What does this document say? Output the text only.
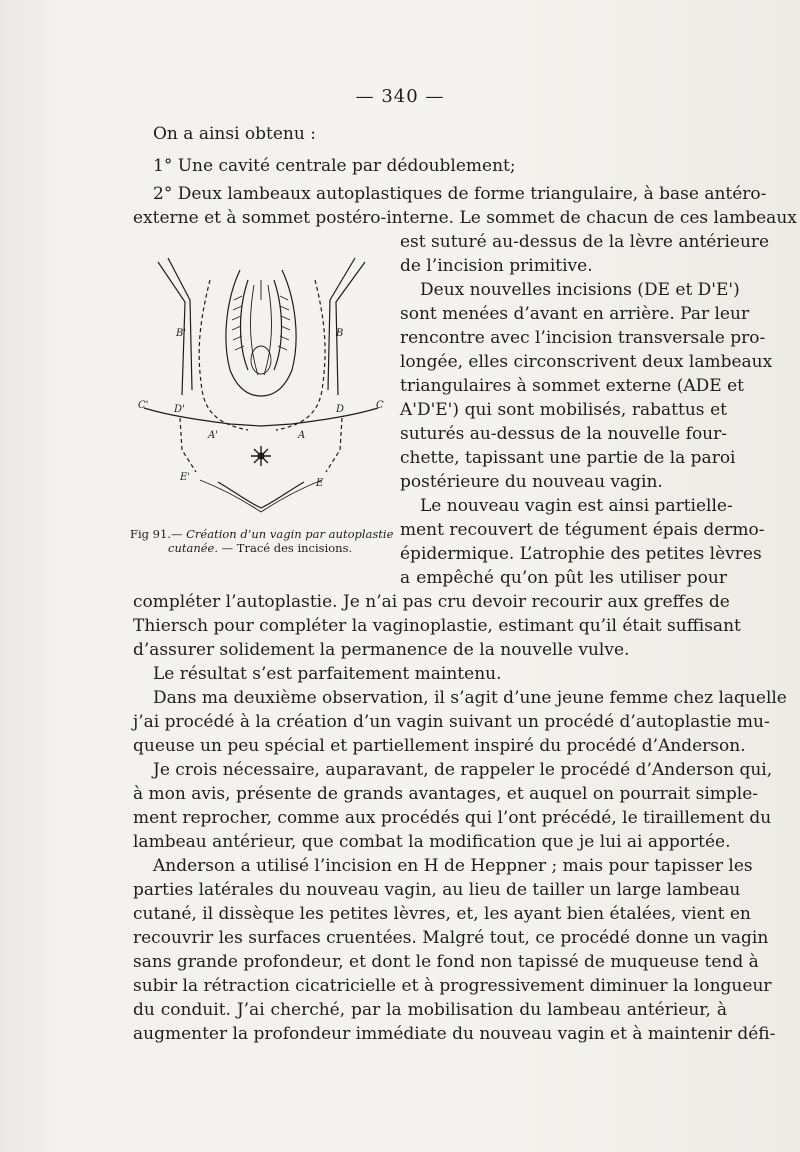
— 340 —
On a ainsi obtenu :
1° Une cavité centrale par dédoublement;
2° Deux lambeaux autoplastiques de forme triangulaire, à base antéro-
externe et à sommet postéro-interne. Le sommet de chacun de ces lambeaux
est suturé au-dessus de la lèvre antérieure
de l’incision primitive.
Deux nouvelles incisions (DE et D'E')
sont menées d’avant en arrière. Par leur
rencontre avec l’incision transversale pro-
longée, elles circonscrivent deux lambeaux
triangulaires à sommet externe (ADE et
A'D'E') qui sont mobilisés, rabattus et
suturés au-dessus de la nouvelle four-
chette, tapissant une partie de la paroi
postérieure du nouveau vagin.
Le nouveau vagin est ainsi partielle-
ment recouvert de tégument épais dermo-
épidermique. L’atrophie des petites lèvres
a empêché qu’on pût les utiliser pour
compléter l’autoplastie. Je n’ai pas cru devoir recourir aux greffes de
Thiersch pour compléter la vaginoplastie, estimant qu’il était suffisant
d’assurer solidement la permanence de la nouvelle vulve.
Le résultat s’est parfaitement maintenu.
Dans ma deuxième observation, il s’agit d’une jeune femme chez laquelle
j’ai procédé à la création d’un vagin suivant un procédé d’autoplastie mu-
queuse un peu spécial et partiellement inspiré du procédé d’Anderson.
Je crois nécessaire, auparavant, de rappeler le procédé d’Anderson qui,
à mon avis, présente de grands avantages, et auquel on pourrait simple-
ment reprocher, comme aux procédés qui l’ont précédé, le tiraillement du
lambeau antérieur, que combat la modification que je lui ai apportée.
Anderson a utilisé l’incision en H de Heppner ; mais pour tapisser les
parties latérales du nouveau vagin, au lieu de tailler un large lambeau
cutané, il dissèque les petites lèvres, et, les ayant bien étalées, vient en
recouvrir les surfaces cruentées. Malgré tout, ce procédé donne un vagin
sans grande profondeur, et dont le fond non tapissé de muqueuse tend à
subir la rétraction cicatricielle et à progressivement diminuer la longueur
du conduit. J’ai cherché, par la mobilisation du lambeau antérieur, à
augmenter la profondeur immédiate du nouveau vagin et à maintenir défi-
B'	B
C'	D'	D	C
A'	A
E'
E
Fig 91.— Création d’un vagin par autoplastie
cutanée. — Tracé des incisions.
